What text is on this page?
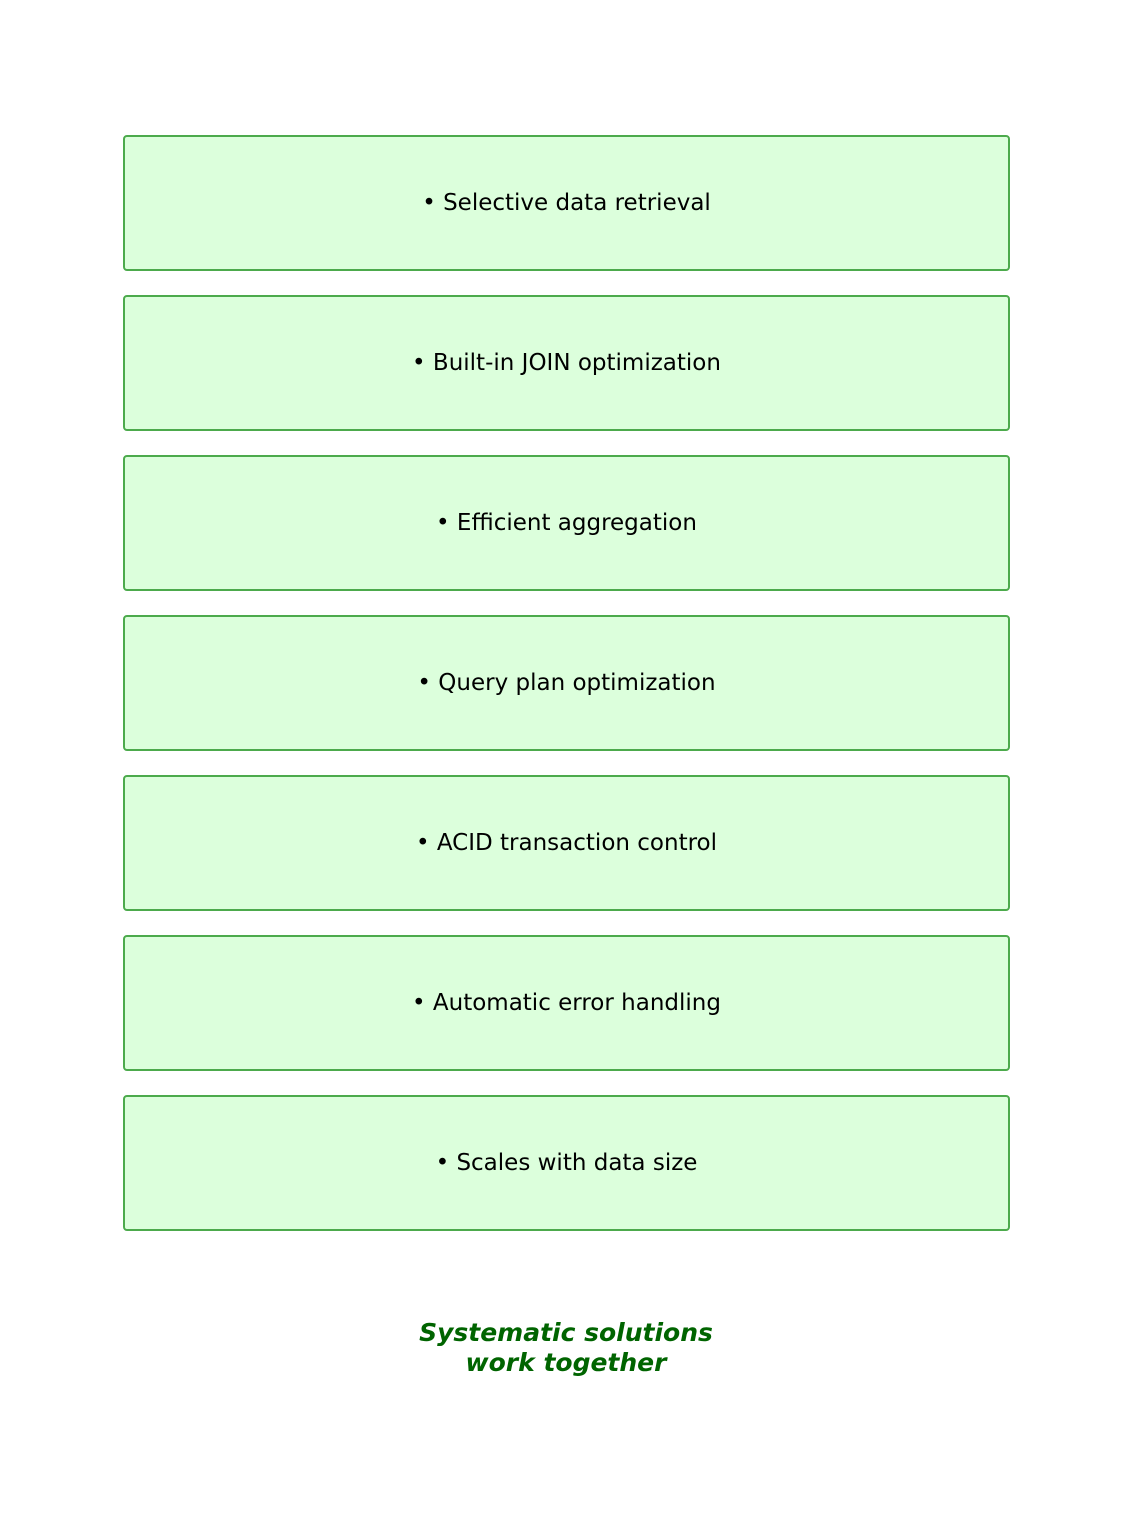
• Selective data retrieval
• Built-in JOIN optimization
• Efficient aggregation
• Query plan optimization
• ACID transaction control
• Automatic error handling
• Scales with data size
Systematic solutions
work together
